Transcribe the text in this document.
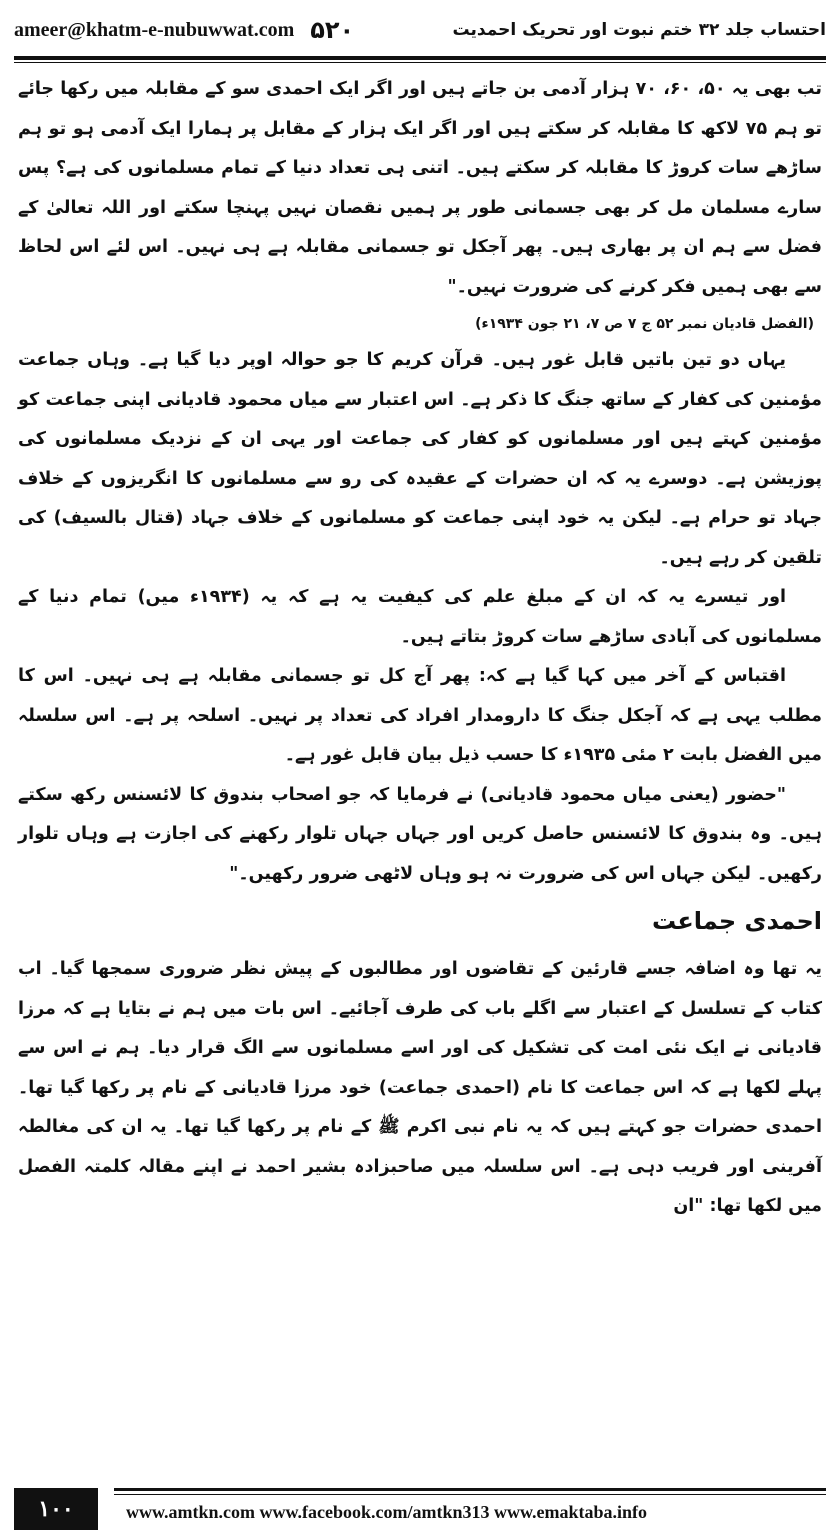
ameer@khatm-e-nubuwwat.com ۵۲۰	احتساب جلد ۳۲ ختم نبوت اور تحریک احمدیت

تب بھی یہ ۵۰، ۶۰، ۷۰ ہزار آدمی بن جاتے ہیں اور اگر ایک احمدی سو کے مقابلہ میں رکھا جائے تو ہم ۷۵ لاکھ کا مقابلہ کر سکتے ہیں اور اگر ایک ہزار کے مقابل پر ہمارا ایک آدمی ہو تو ہم ساڑھے سات کروڑ کا مقابلہ کر سکتے ہیں۔ اتنی ہی تعداد دنیا کے تمام مسلمانوں کی ہے؟ پس سارے مسلمان مل کر بھی جسمانی طور پر ہمیں نقصان نہیں پہنچا سکتے اور اللہ تعالیٰ کے فضل سے ہم ان پر بھاری ہیں۔ پھر آجکل تو جسمانی مقابلہ ہے ہی نہیں۔ اس لئے اس لحاظ سے بھی ہمیں فکر کرنے کی ضرورت نہیں۔"

(الفضل قادیان نمبر ۵۲ ج ۷ ص ۷، ۲۱ جون ۱۹۳۴ء)

یہاں دو تین باتیں قابل غور ہیں۔ قرآن کریم کا جو حوالہ اوپر دیا گیا ہے۔ وہاں جماعت مؤمنین کی کفار کے ساتھ جنگ کا ذکر ہے۔ اس اعتبار سے میاں محمود قادیانی اپنی جماعت کو مؤمنین کہتے ہیں اور مسلمانوں کو کفار کی جماعت اور یہی ان کے نزدیک مسلمانوں کی پوزیشن ہے۔ دوسرے یہ کہ ان حضرات کے عقیدہ کی رو سے مسلمانوں کا انگریزوں کے خلاف جہاد تو حرام ہے۔ لیکن یہ خود اپنی جماعت کو مسلمانوں کے خلاف جہاد (قتال بالسیف) کی تلقین کر رہے ہیں۔

اور تیسرے یہ کہ ان کے مبلغ علم کی کیفیت یہ ہے کہ یہ (۱۹۳۴ء میں) تمام دنیا کے مسلمانوں کی آبادی ساڑھے سات کروڑ بتاتے ہیں۔

اقتباس کے آخر میں کہا گیا ہے کہ: پھر آج کل تو جسمانی مقابلہ ہے ہی نہیں۔ اس کا مطلب یہی ہے کہ آجکل جنگ کا دارومدار افراد کی تعداد پر نہیں۔ اسلحہ پر ہے۔ اس سلسلہ میں الفضل بابت ۲ مئی ۱۹۳۵ء کا حسب ذیل بیان قابل غور ہے۔

"حضور (یعنی میاں محمود قادیانی) نے فرمایا کہ جو اصحاب بندوق کا لائسنس رکھ سکتے ہیں۔ وہ بندوق کا لائسنس حاصل کریں اور جہاں جہاں تلوار رکھنے کی اجازت ہے وہاں تلوار رکھیں۔ لیکن جہاں اس کی ضرورت نہ ہو وہاں لاٹھی ضرور رکھیں۔"

احمدی جماعت

یہ تھا وہ اضافہ جسے قارئین کے تقاضوں اور مطالبوں کے پیش نظر ضروری سمجھا گیا۔ اب کتاب کے تسلسل کے اعتبار سے اگلے باب کی طرف آجائیے۔ اس بات میں ہم نے بتایا ہے کہ مرزا قادیانی نے ایک نئی امت کی تشکیل کی اور اسے مسلمانوں سے الگ قرار دیا۔ ہم نے اس سے پہلے لکھا ہے کہ اس جماعت کا نام (احمدی جماعت) خود مرزا قادیانی کے نام پر رکھا گیا تھا۔ احمدی حضرات جو کہتے ہیں کہ یہ نام نبی اکرم ﷺ کے نام پر رکھا گیا تھا۔ یہ ان کی مغالطہ آفرینی اور فریب دہی ہے۔ اس سلسلہ میں صاحبزادہ بشیر احمد نے اپنے مقالہ کلمتہ الفصل میں لکھا تھا: "ان

۱۰۰	www.amtkn.com www.facebook.com/amtkn313 www.emaktaba.info
